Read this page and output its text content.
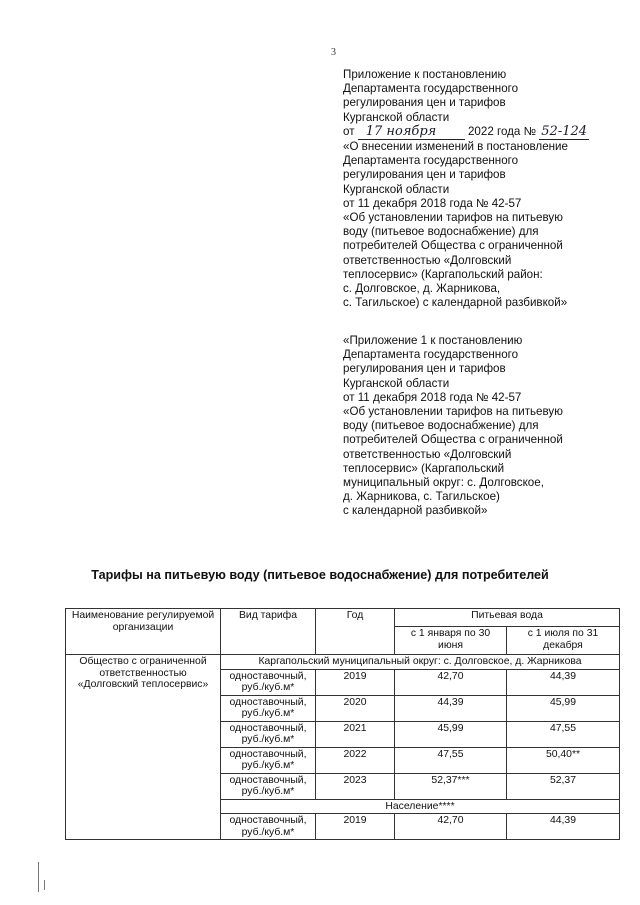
3
Приложение к постановлению
Департамента государственного
регулирования цен и тарифов
Курганской области
от 17 ноября	2022 года № 52-124
«О внесении изменений в постановление
Департамента государственного
регулирования цен и тарифов
Курганской области
от 11 декабря 2018 года № 42-57
«Об установлении тарифов на питьевую
воду (питьевое водоснабжение) для
потребителей Общества с ограниченной
ответственностью «Долговский
теплосервис» (Каргапольский район:
с. Долговское, д. Жарникова,
с. Тагильское) с календарной разбивкой»
«Приложение 1 к постановлению
Департамента государственного
регулирования цен и тарифов
Курганской области
от 11 декабря 2018 года № 42-57
«Об установлении тарифов на питьевую
воду (питьевое водоснабжение) для
потребителей Общества с ограниченной
ответственностью «Долговский
теплосервис» (Каргапольский
муниципальный округ: с. Долговское,
д. Жарникова, с. Тагильское)
с календарной разбивкой»
Тарифы на питьевую воду (питьевое водоснабжение) для потребителей
Наименование регулируемой организации	Вид тарифа	Год	Питьевая вода	
			с 1 января по 30 июня	с 1 июля по 31 декабря
Общество с ограниченной ответственностью «Долговский теплосервис»	Каргапольский муниципальный округ: с. Долговское, д. Жарникова			
	одноставочный, руб./куб.м*	2019	42,70	44,39
	одноставочный, руб./куб.м*	2020	44,39	45,99
	одноставочный, руб./куб.м*	2021	45,99	47,55
	одноставочный, руб./куб.м*	2022	47,55	50,40**
	одноставочный, руб./куб.м*	2023	52,37***	52,37
	Население****			
	одноставочный, руб./куб.м*	2019	42,70	44,39
